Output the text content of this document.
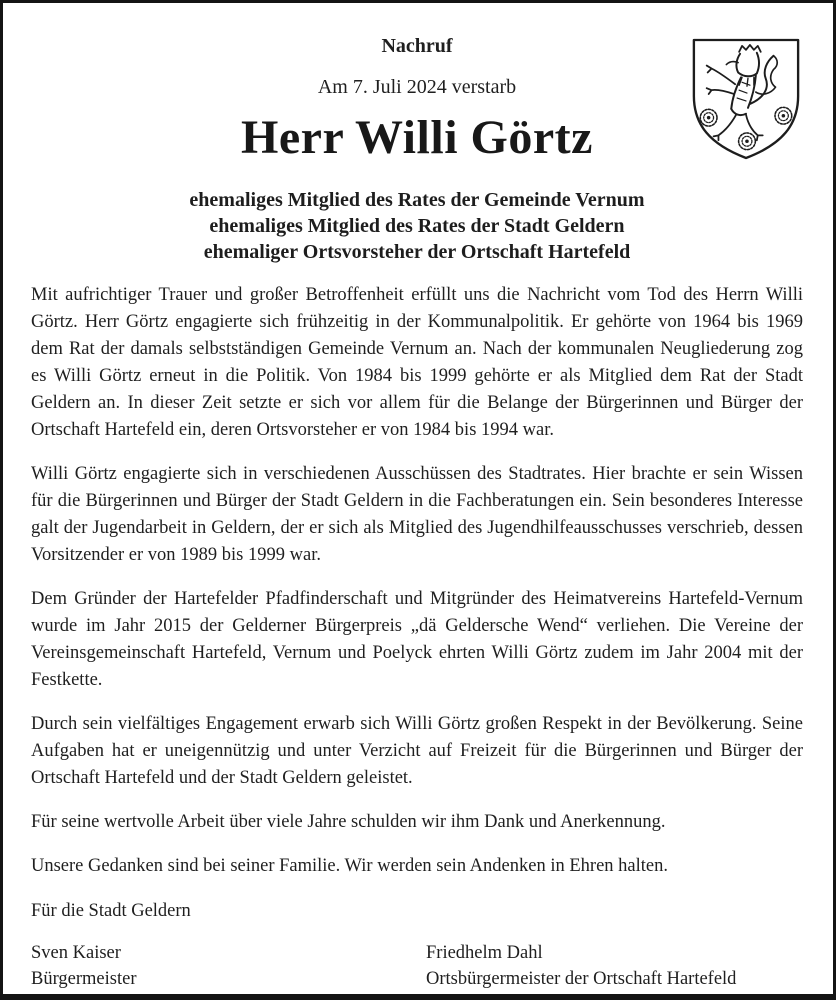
Nachruf
Am 7. Juli 2024 verstarb
Herr Willi Görtz
ehemaliges Mitglied des Rates der Gemeinde Vernum
ehemaliges Mitglied des Rates der Stadt Geldern
ehemaliger Ortsvorsteher der Ortschaft Hartefeld

Mit aufrichtiger Trauer und großer Betroffenheit erfüllt uns die Nachricht vom Tod des Herrn Willi Görtz. Herr Görtz engagierte sich frühzeitig in der Kommunalpolitik. Er gehörte von 1964 bis 1969 dem Rat der damals selbstständigen Gemeinde Vernum an. Nach der kommunalen Neugliederung zog es Willi Görtz erneut in die Politik. Von 1984 bis 1999 gehörte er als Mitglied dem Rat der Stadt Geldern an. In dieser Zeit setzte er sich vor allem für die Belange der Bürgerinnen und Bürger der Ortschaft Hartefeld ein, deren Ortsvorsteher er von 1984 bis 1994 war.

Willi Görtz engagierte sich in verschiedenen Ausschüssen des Stadtrates. Hier brachte er sein Wissen für die Bürgerinnen und Bürger der Stadt Geldern in die Fachberatungen ein. Sein besonderes Interesse galt der Jugendarbeit in Geldern, der er sich als Mitglied des Jugendhilfeausschusses verschrieb, dessen Vorsitzender er von 1989 bis 1999 war.

Dem Gründer der Hartefelder Pfadfinderschaft und Mitgründer des Heimatvereins Hartefeld-Vernum wurde im Jahr 2015 der Gelderner Bürgerpreis „dä Geldersche Wend“ verliehen. Die Vereine der Vereinsgemeinschaft Hartefeld, Vernum und Poelyck ehrten Willi Görtz zudem im Jahr 2004 mit der Festkette.

Durch sein vielfältiges Engagement erwarb sich Willi Görtz großen Respekt in der Bevölkerung. Seine Aufgaben hat er uneigennützig und unter Verzicht auf Freizeit für die Bürgerinnen und Bürger der Ortschaft Hartefeld und der Stadt Geldern geleistet.

Für seine wertvolle Arbeit über viele Jahre schulden wir ihm Dank und Anerkennung.

Unsere Gedanken sind bei seiner Familie. Wir werden sein Andenken in Ehren halten.

Für die Stadt Geldern
Sven Kaiser
Bürgermeister
Friedhelm Dahl
Ortsbürgermeister der Ortschaft Hartefeld
